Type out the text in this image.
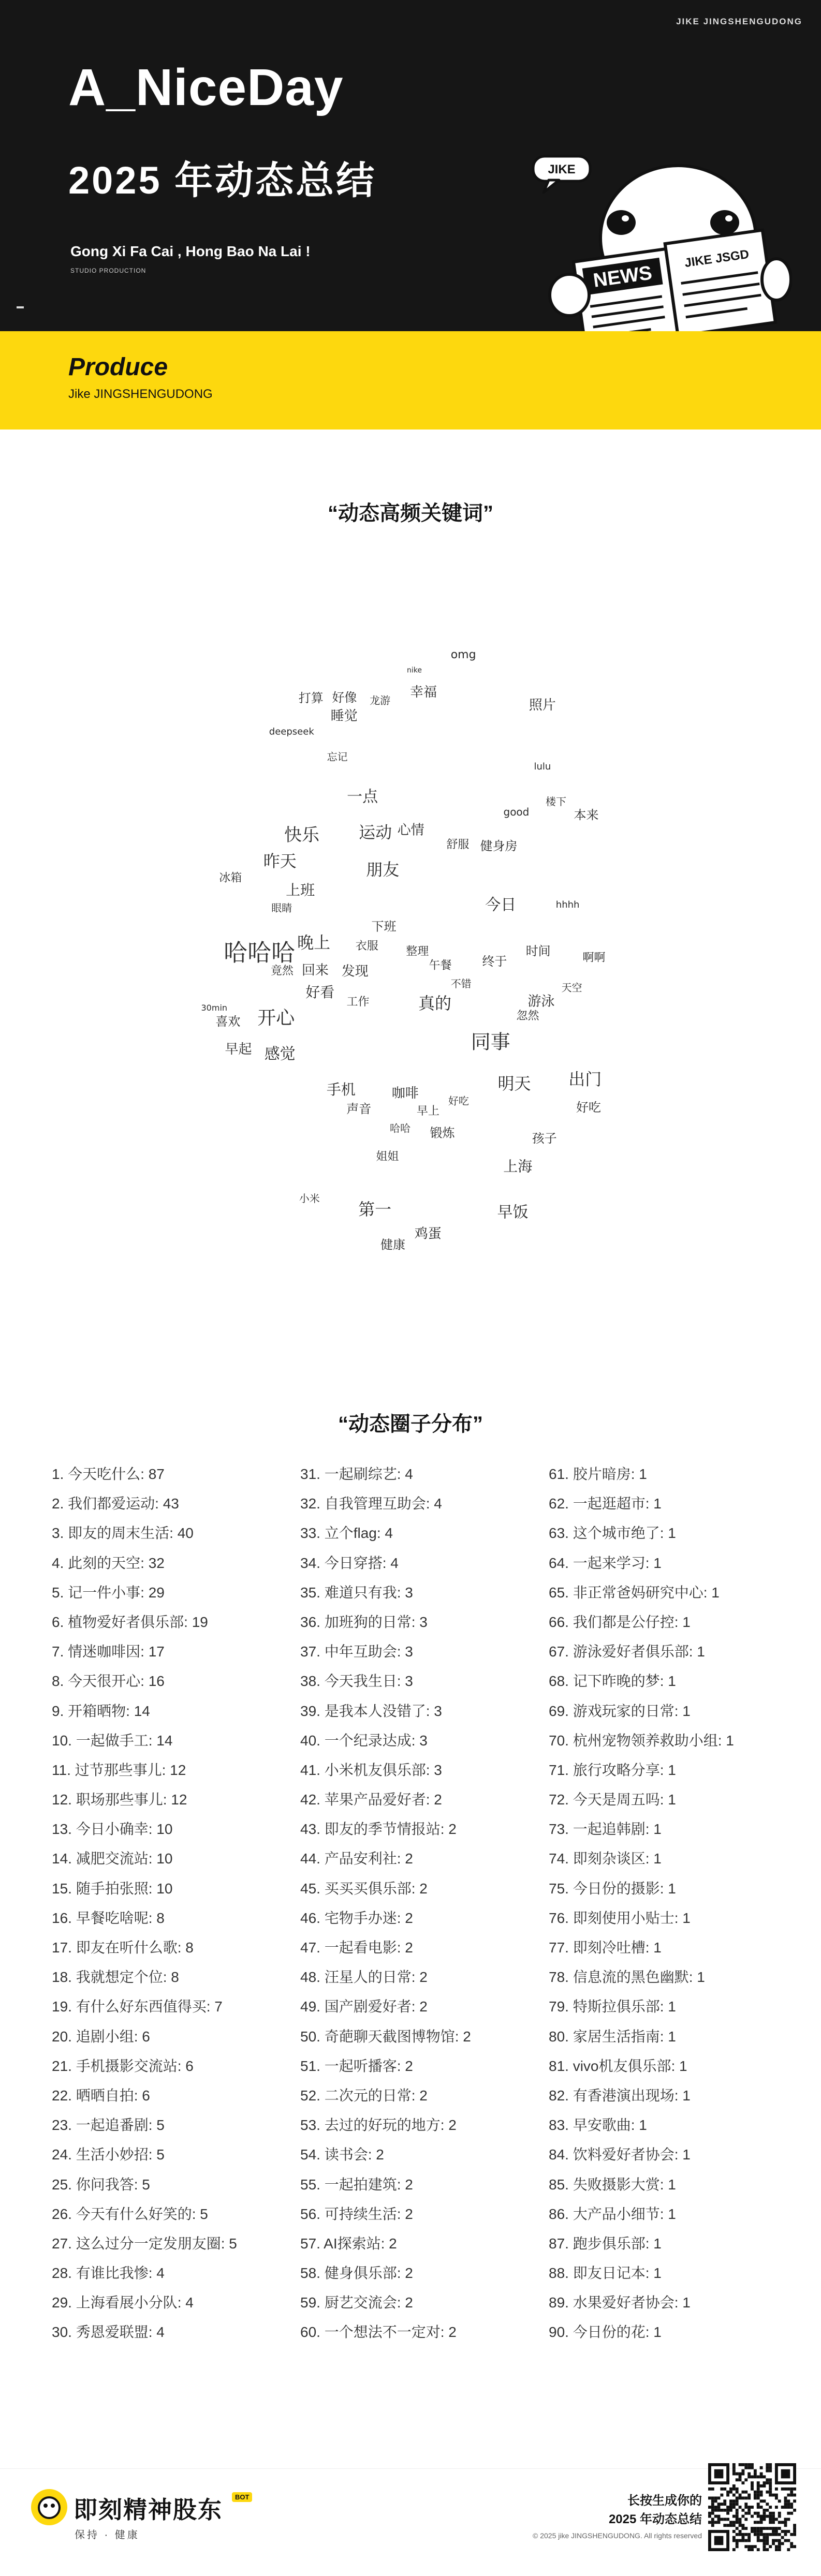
JIKE JINGSHENGUDONG
A_NiceDay
2025 年动态总结
Gong Xi Fa Cai , Hong Bao Na Lai !
STUDIO PRODUCTION
JIKE
NEWS
JIKE JSGD
Produce
Jike JINGSHENGUDONG
“动态高频关键词”
哈哈哈
同事
开心
出门
快乐
第一
朋友
晚上
运动
昨天
真的
明天
今日
感觉
一点
早饭
好看
上班
上海
手机
鸡蛋
回来
幸福
发现
游泳
睡觉
早起
咖啡
心情
照片
本来
下班
声音
锻炼
好像
健康
时间
好吃
喜欢
孩子
健身房
终于
打算
午餐
冰箱
舒服
衣服
姐姐
忽然
早上
整理
工作
竟然
啊啊
小米
龙游
哈哈
不错
好吃
天空
眼睛
忘记
楼下
good
omg
deepseek
hhhh
nike
lulu
30min
“动态圈子分布”
1. 今天吃什么: 87
2. 我们都爱运动: 43
3. 即友的周末生活: 40
4. 此刻的天空: 32
5. 记一件小事: 29
6. 植物爱好者俱乐部: 19
7. 情迷咖啡因: 17
8. 今天很开心: 16
9. 开箱晒物: 14
10. 一起做手工: 14
11. 过节那些事儿: 12
12. 职场那些事儿: 12
13. 今日小确幸: 10
14. 减肥交流站: 10
15. 随手拍张照: 10
16. 早餐吃啥呢: 8
17. 即友在听什么歌: 8
18. 我就想定个位: 8
19. 有什么好东西值得买: 7
20. 追剧小组: 6
21. 手机摄影交流站: 6
22. 晒晒自拍: 6
23. 一起追番剧: 5
24. 生活小妙招: 5
25. 你问我答: 5
26. 今天有什么好笑的: 5
27. 这么过分一定发朋友圈: 5
28. 有谁比我惨: 4
29. 上海看展小分队: 4
30. 秀恩爱联盟: 4
31. 一起刷综艺: 4
32. 自我管理互助会: 4
33. 立个flag: 4
34. 今日穿搭: 4
35. 难道只有我: 3
36. 加班狗的日常: 3
37. 中年互助会: 3
38. 今天我生日: 3
39. 是我本人没错了: 3
40. 一个纪录达成: 3
41. 小米机友俱乐部: 3
42. 苹果产品爱好者: 2
43. 即友的季节情报站: 2
44. 产品安利社: 2
45. 买买买俱乐部: 2
46. 宅物手办迷: 2
47. 一起看电影: 2
48. 汪星人的日常: 2
49. 国产剧爱好者: 2
50. 奇葩聊天截图博物馆: 2
51. 一起听播客: 2
52. 二次元的日常: 2
53. 去过的好玩的地方: 2
54. 读书会: 2
55. 一起拍建筑: 2
56. 可持续生活: 2
57. AI探索站: 2
58. 健身俱乐部: 2
59. 厨艺交流会: 2
60. 一个想法不一定对: 2
61. 胶片暗房: 1
62. 一起逛超市: 1
63. 这个城市绝了: 1
64. 一起来学习: 1
65. 非正常爸妈研究中心: 1
66. 我们都是公仔控: 1
67. 游泳爱好者俱乐部: 1
68. 记下昨晚的梦: 1
69. 游戏玩家的日常: 1
70. 杭州宠物领养救助小组: 1
71. 旅行攻略分享: 1
72. 今天是周五吗: 1
73. 一起追韩剧: 1
74. 即刻杂谈区: 1
75. 今日份的摄影: 1
76. 即刻使用小贴士: 1
77. 即刻冷吐槽: 1
78. 信息流的黑色幽默: 1
79. 特斯拉俱乐部: 1
80. 家居生活指南: 1
81. vivo机友俱乐部: 1
82. 有香港演出现场: 1
83. 早安歌曲: 1
84. 饮料爱好者协会: 1
85. 失败摄影大赏: 1
86. 大产品小细节: 1
87. 跑步俱乐部: 1
88. 即友日记本: 1
89. 水果爱好者协会: 1
90. 今日份的花: 1
即刻精神股东	BOT
保持 · 健康
长按生成你的
2025 年动态总结
© 2025 jike JINGSHENGUDONG. All rights reserved
